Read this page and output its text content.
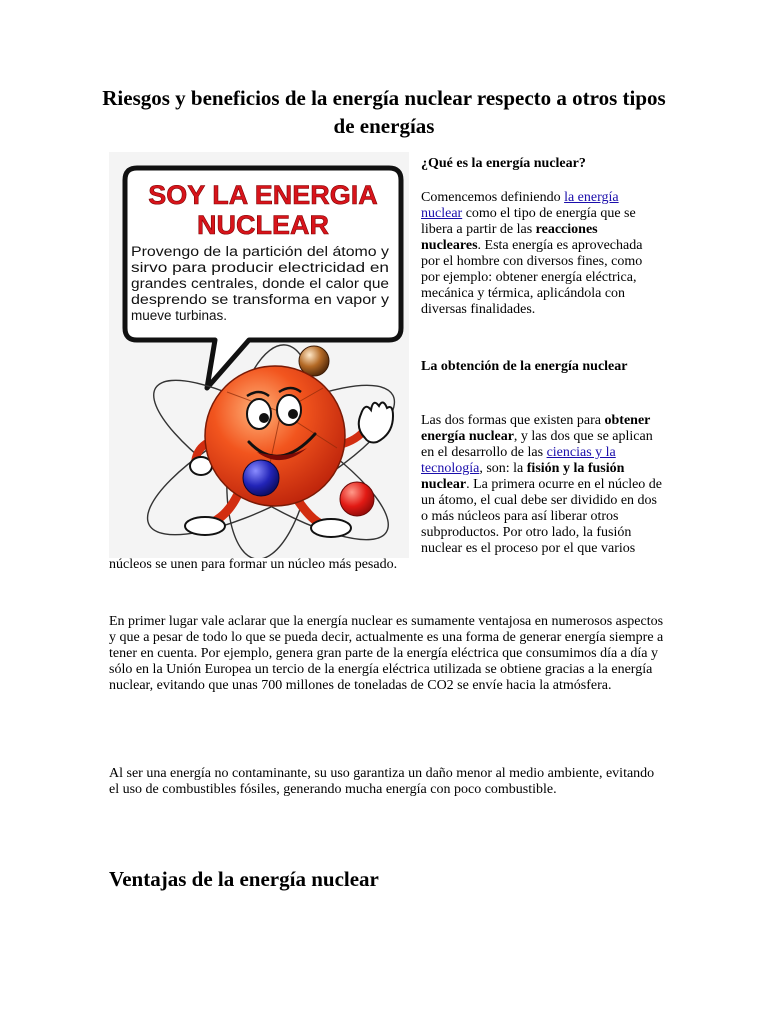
Riesgos y beneficios de la energía nuclear respecto a otros tipos de energías
SOY LA ENERGIA
NUCLEAR
Provengo de la partición del átomo y
sirvo para producir electricidad en
grandes centrales, donde el calor que
desprendo se transforma en vapor y
mueve turbinas.
¿Qué es la energía nuclear?

Comencemos definiendo la energía nuclear como el tipo de energía que se libera a partir de las reacciones nucleares. Esta energía es aprovechada por el hombre con diversos fines, como por ejemplo: obtener energía eléctrica, mecánica y térmica, aplicándola con diversas finalidades.

La obtención de la energía nuclear

Las dos formas que existen para obtener energía nuclear, y las dos que se aplican en el desarrollo de las ciencias y la tecnología, son: la fisión y la fusión nuclear. La primera ocurre en el núcleo de un átomo, el cual debe ser dividido en dos o más núcleos para así liberar otros subproductos. Por otro lado, la fusión nuclear es el proceso por el que varios núcleos se unen para formar un núcleo más pesado.

En primer lugar vale aclarar que la energía nuclear es sumamente ventajosa en numerosos aspectos y que a pesar de todo lo que se pueda decir, actualmente es una forma de generar energía siempre a tener en cuenta. Por ejemplo, genera gran parte de la energía eléctrica que consumimos día a día y sólo en la Unión Europea un tercio de la energía eléctrica utilizada se obtiene gracias a la energía nuclear, evitando que unas 700 millones de toneladas de CO2 se envíe hacia la atmósfera.

Al ser una energía no contaminante, su uso garantiza un daño menor al medio ambiente, evitando el uso de combustibles fósiles, generando mucha energía con poco combustible.

Ventajas de la energía nuclear
